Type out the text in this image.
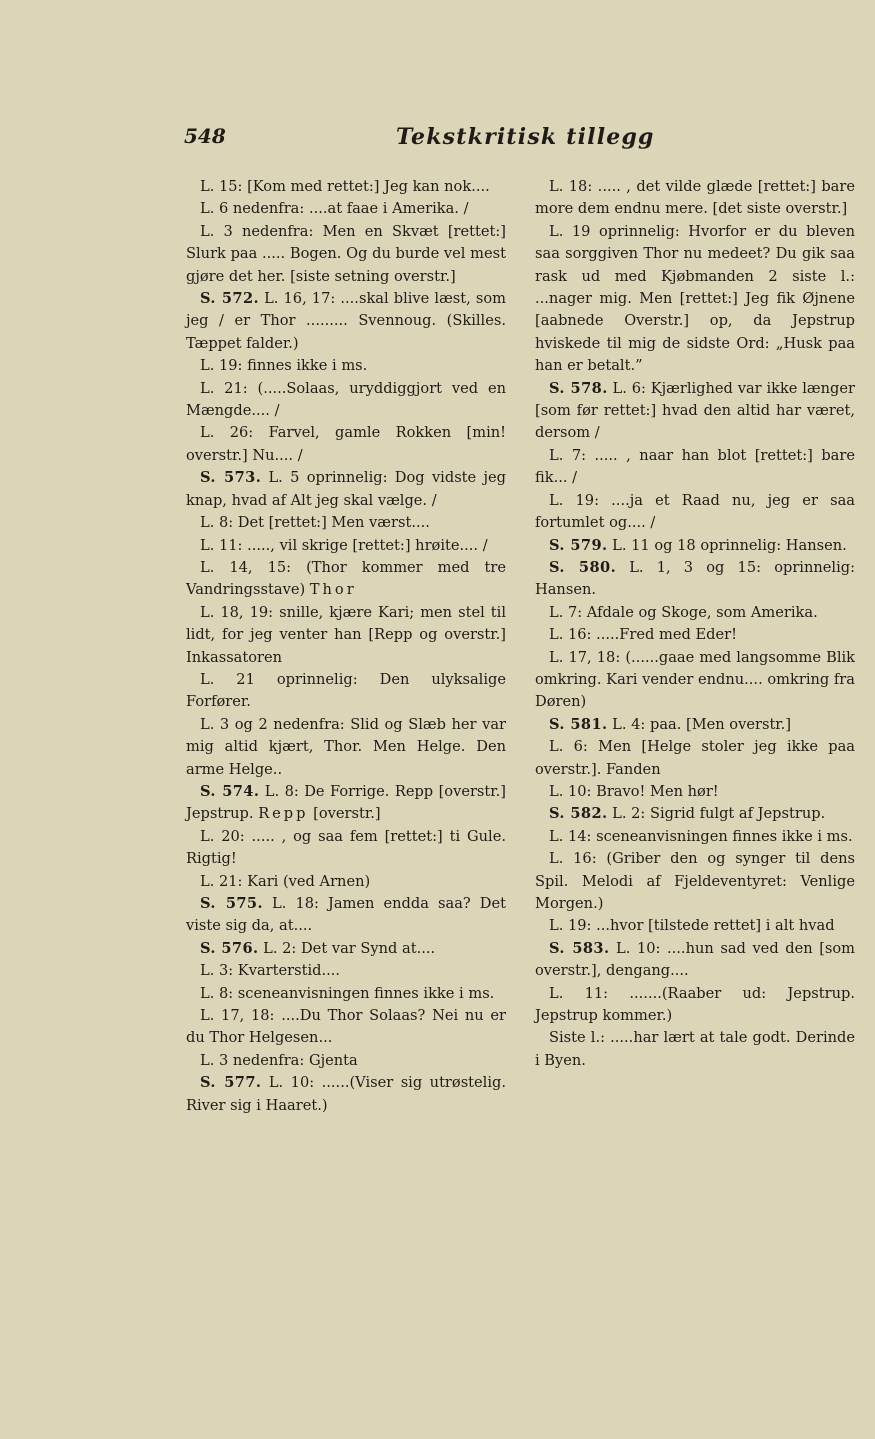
548	Tekstkritisk tillegg

L. 15: [Kom med rettet:] Jeg kan nok....

L. 6 nedenfra: ....at faae i Amerika. /

L. 3 nedenfra: Men en Skvæt [rettet:] Slurk paa ..... Bogen. Og du burde vel mest gjøre det her. [siste setning overstr.]

S. 572. L. 16, 17: ....skal blive læst, som jeg / er Thor ......... Svennoug. (Skilles. Tæppet falder.)

L. 19: finnes ikke i ms.

L. 21: (.....Solaas, uryddiggjort ved en Mængde.... /

L. 26: Farvel, gamle Rokken [min! overstr.] Nu.... /

S. 573. L. 5 oprinnelig: Dog vidste jeg knap, hvad af Alt jeg skal vælge. /

L. 8: Det [rettet:] Men værst....

L. 11: ....., vil skrige [rettet:] hrøite.... /

L. 14, 15: (Thor kommer med tre Vandringsstave) Thor

L. 18, 19: snille, kjære Kari; men stel til lidt, for jeg venter han [Repp og overstr.] Inkassatoren

L. 21 oprinnelig: Den ulyksalige Forfører.

L. 3 og 2 nedenfra: Slid og Slæb her var mig altid kjært, Thor. Men Helge. Den arme Helge..

S. 574. L. 8: De Forrige. Repp [overstr.] Jepstrup. Repp [overstr.]

L. 20: ..... , og saa fem [rettet:] ti Gule. Rigtig!

L. 21: Kari (ved Arnen)

S. 575. L. 18: Jamen endda saa? Det viste sig da, at....

S. 576. L. 2: Det var Synd at....

L. 3: Kvarterstid....

L. 8: sceneanvisningen finnes ikke i ms.

L. 17, 18: ....Du Thor Solaas? Nei nu er du Thor Helgesen...

L. 3 nedenfra: Gjenta

S. 577. L. 10: ......(Viser sig utrøstelig. River sig i Haaret.)

L. 18: ..... , det vilde glæde [rettet:] bare more dem endnu mere. [det siste overstr.]

L. 19 oprinnelig: Hvorfor er du bleven saa sorggiven Thor nu medeet? Du gik saa rask ud med Kjøbmanden 2 siste l.: ...nager mig. Men [rettet:] Jeg fik Øjnene [aabnede Overstr.] op, da Jepstrup hviskede til mig de sidste Ord: „Husk paa han er betalt.”

S. 578. L. 6: Kjærlighed var ikke længer [som før rettet:] hvad den altid har været, dersom /

L. 7: ..... , naar han blot [rettet:] bare fik... /

L. 19: ....ja et Raad nu, jeg er saa fortumlet og.... /

S. 579. L. 11 og 18 oprinnelig: Hansen.

S. 580. L. 1, 3 og 15: oprinnelig: Hansen.

L. 7: Afdale og Skoge, som Amerika.

L. 16: .....Fred med Eder!

L. 17, 18: (......gaae med langsomme Blik omkring. Kari vender endnu.... omkring fra Døren)

S. 581. L. 4: paa. [Men overstr.]

L. 6: Men [Helge stoler jeg ikke paa overstr.]. Fanden

L. 10: Bravo! Men hør!

S. 582. L. 2: Sigrid fulgt af Jepstrup.

L. 14: sceneanvisningen finnes ikke i ms.

L. 16: (Griber den og synger til dens Spil. Melodi af Fjeldeventyret: Venlige Morgen.)

L. 19: ...hvor [tilstede rettet] i alt hvad

S. 583. L. 10: ....hun sad ved den [som overstr.], dengang....

L. 11: .......(Raaber ud: Jepstrup. Jepstrup kommer.)

Siste l.: .....har lært at tale godt. Derinde i Byen.
